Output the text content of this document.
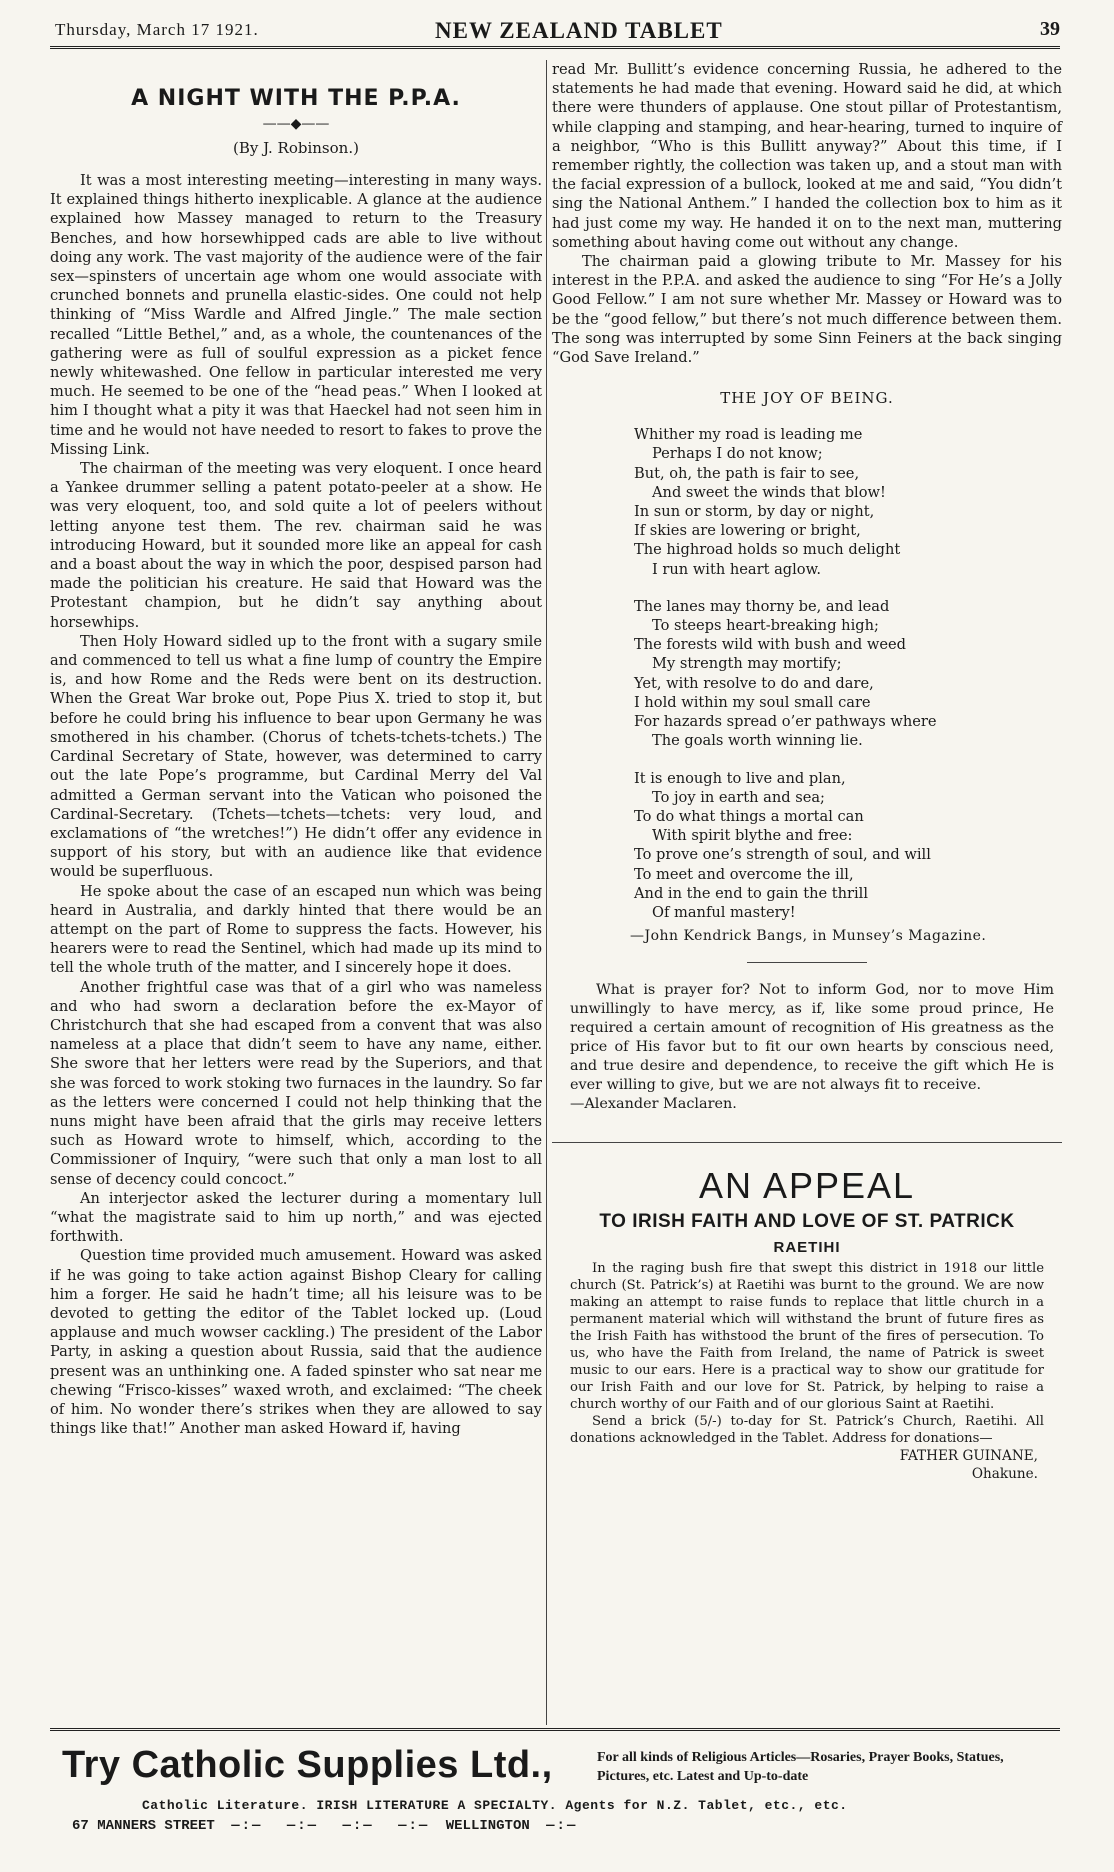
Thursday, March 17 1921.	NEW ZEALAND TABLET	39
A NIGHT WITH THE P.P.A.
——◆——
(By J. Robinson.)

It was a most interesting meeting—interesting in many ways. It explained things hitherto inexplicable. A glance at the audience explained how Massey managed to return to the Treasury Benches, and how horsewhipped cads are able to live without doing any work. The vast majority of the audience were of the fair sex—spinsters of uncertain age whom one would associate with crunched bonnets and prunella elastic-sides. One could not help thinking of “Miss Wardle and Alfred Jingle.” The male section recalled “Little Bethel,” and, as a whole, the countenances of the gathering were as full of soulful expression as a picket fence newly whitewashed. One fellow in particular interested me very much. He seemed to be one of the “head peas.” When I looked at him I thought what a pity it was that Haeckel had not seen him in time and he would not have needed to resort to fakes to prove the Missing Link.

The chairman of the meeting was very eloquent. I once heard a Yankee drummer selling a patent potato-peeler at a show. He was very eloquent, too, and sold quite a lot of peelers without letting anyone test them. The rev. chairman said he was introducing Howard, but it sounded more like an appeal for cash and a boast about the way in which the poor, despised parson had made the politician his creature. He said that Howard was the Protestant champion, but he didn’t say anything about horsewhips.

Then Holy Howard sidled up to the front with a sugary smile and commenced to tell us what a fine lump of country the Empire is, and how Rome and the Reds were bent on its destruction. When the Great War broke out, Pope Pius X. tried to stop it, but before he could bring his influence to bear upon Germany he was smothered in his chamber. (Chorus of tchets-tchets-tchets.) The Cardinal Secretary of State, however, was determined to carry out the late Pope’s programme, but Cardinal Merry del Val admitted a German servant into the Vatican who poisoned the Cardinal-Secretary. (Tchets—tchets—tchets: very loud, and exclamations of “the wretches!”) He didn’t offer any evidence in support of his story, but with an audience like that evidence would be superfluous.

He spoke about the case of an escaped nun which was being heard in Australia, and darkly hinted that there would be an attempt on the part of Rome to suppress the facts. However, his hearers were to read the Sentinel, which had made up its mind to tell the whole truth of the matter, and I sincerely hope it does.

Another frightful case was that of a girl who was nameless and who had sworn a declaration before the ex-Mayor of Christchurch that she had escaped from a convent that was also nameless at a place that didn’t seem to have any name, either. She swore that her letters were read by the Superiors, and that she was forced to work stoking two furnaces in the laundry. So far as the letters were concerned I could not help thinking that the nuns might have been afraid that the girls may receive letters such as Howard wrote to himself, which, according to the Commissioner of Inquiry, “were such that only a man lost to all sense of decency could concoct.”

An interjector asked the lecturer during a momentary lull “what the magistrate said to him up north,” and was ejected forthwith.

Question time provided much amusement. Howard was asked if he was going to take action against Bishop Cleary for calling him a forger. He said he hadn’t time; all his leisure was to be devoted to getting the editor of the Tablet locked up. (Loud applause and much wowser cackling.) The president of the Labor Party, in asking a question about Russia, said that the audience present was an unthinking one. A faded spinster who sat near me chewing “Frisco-kisses” waxed wroth, and exclaimed: “The cheek of him. No wonder there’s strikes when they are allowed to say things like that!” Another man asked Howard if, having

read Mr. Bullitt’s evidence concerning Russia, he adhered to the statements he had made that evening. Howard said he did, at which there were thunders of applause. One stout pillar of Protestantism, while clapping and stamping, and hear-hearing, turned to inquire of a neighbor, “Who is this Bullitt anyway?” About this time, if I remember rightly, the collection was taken up, and a stout man with the facial expression of a bullock, looked at me and said, “You didn’t sing the National Anthem.” I handed the collection box to him as it had just come my way. He handed it on to the next man, muttering something about having come out without any change.

The chairman paid a glowing tribute to Mr. Massey for his interest in the P.P.A. and asked the audience to sing “For He’s a Jolly Good Fellow.” I am not sure whether Mr. Massey or Howard was to be the “good fellow,” but there’s not much difference between them. The song was interrupted by some Sinn Feiners at the back singing “God Save Ireland.”

THE JOY OF BEING.
Whither my road is leading me
Perhaps I do not know;
But, oh, the path is fair to see,
And sweet the winds that blow!
In sun or storm, by day or night,
If skies are lowering or bright,
The highroad holds so much delight
I run with heart aglow.
The lanes may thorny be, and lead
To steeps heart-breaking high;
The forests wild with bush and weed
My strength may mortify;
Yet, with resolve to do and dare,
I hold within my soul small care
For hazards spread o’er pathways where
The goals worth winning lie.
It is enough to live and plan,
To joy in earth and sea;
To do what things a mortal can
With spirit blythe and free:
To prove one’s strength of soul, and will
To meet and overcome the ill,
And in the end to gain the thrill
Of manful mastery!
—John Kendrick Bangs, in Munsey’s Magazine.

What is prayer for? Not to inform God, nor to move Him unwillingly to have mercy, as if, like some proud prince, He required a certain amount of recognition of His greatness as the price of His favor but to fit our own hearts by conscious need, and true desire and dependence, to receive the gift which He is ever willing to give, but we are not always fit to receive.

—Alexander Maclaren.

AN APPEAL
TO IRISH FAITH AND LOVE OF ST. PATRICK
RAETIHI

In the raging bush fire that swept this district in 1918 our little church (St. Patrick’s) at Raetihi was burnt to the ground. We are now making an attempt to raise funds to replace that little church in a permanent material which will withstand the brunt of future fires as the Irish Faith has withstood the brunt of the fires of persecution. To us, who have the Faith from Ireland, the name of Patrick is sweet music to our ears. Here is a practical way to show our gratitude for our Irish Faith and our love for St. Patrick, by helping to raise a church worthy of our Faith and of our glorious Saint at Raetihi.

Send a brick (5/-) to-day for St. Patrick’s Church, Raetihi. All donations acknowledged in the Tablet. Address for donations—

FATHER GUINANE,
Ohakune.
Try Catholic Supplies Ltd.,	For all kinds of Religious Articles—Rosaries, Prayer Books, Statues, Pictures, etc. Latest and Up-to-date
Catholic Literature. IRISH LITERATURE A SPECIALTY. Agents for N.Z. Tablet, etc., etc.
67 MANNERS STREET —:— —:— —:— —:— WELLINGTON —:—
